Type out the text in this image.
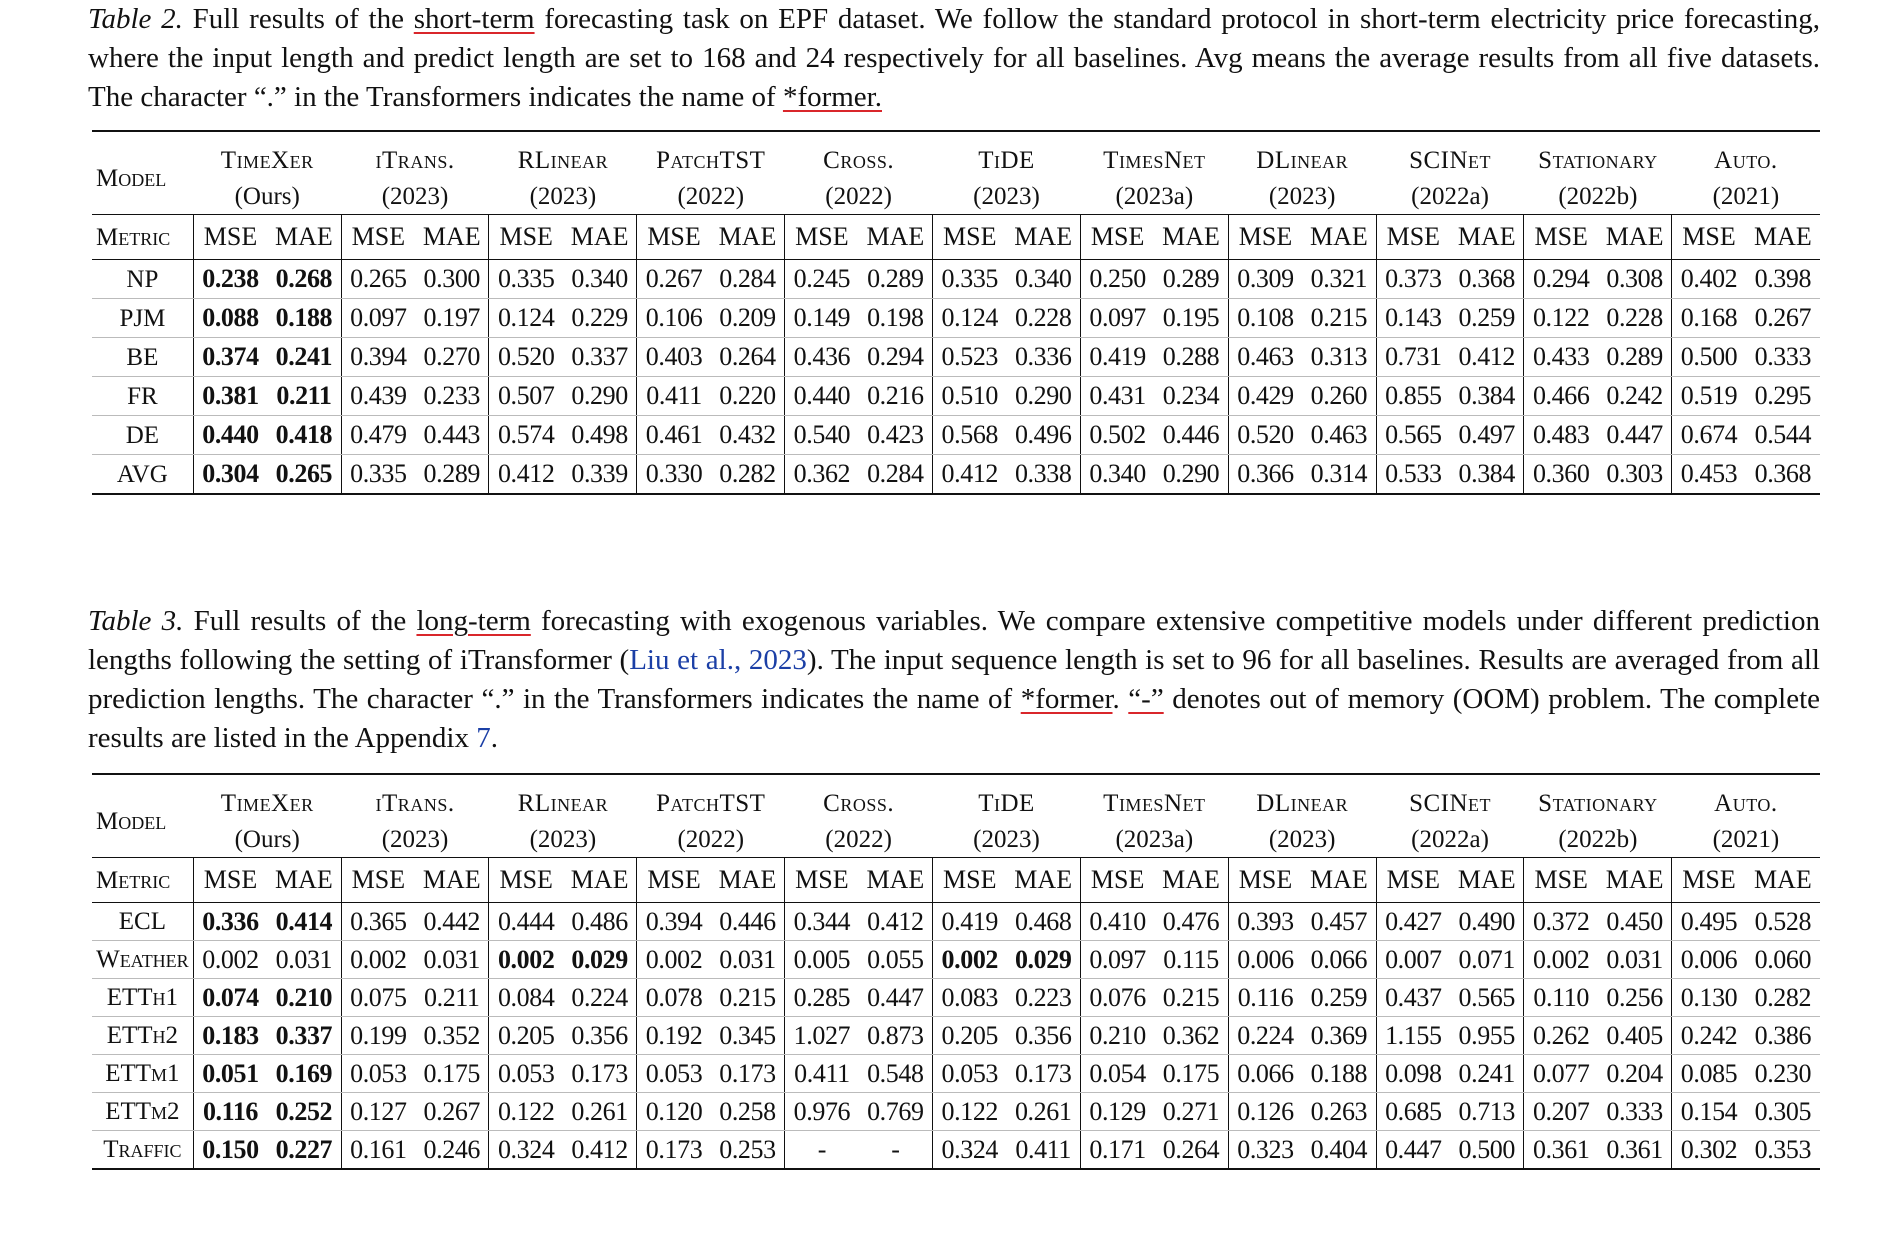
Table 2. Full results of the short-term forecasting task on EPF dataset. We follow the standard protocol in short-term electricity price forecasting, where the input length and predict length are set to 168 and 24 respectively for all baselines. Avg means the average results from all five datasets. The character “.” in the Transformers indicates the name of *former.
Model	TimeXer		iTrans.		RLinear		PatchTST		Cross.		TiDE		TimesNet		DLinear		SCINet		Stationary		Auto.	
	(Ours)		(2023)		(2023)		(2022)		(2022)		(2023)		(2023a)		(2023)		(2022a)		(2022b)		(2021)	
Metric	MSE	MAE	MSE	MAE	MSE	MAE	MSE	MAE	MSE	MAE	MSE	MAE	MSE	MAE	MSE	MAE	MSE	MAE	MSE	MAE	MSE	MAE
NP	0.238	0.268	0.265	0.300	0.335	0.340	0.267	0.284	0.245	0.289	0.335	0.340	0.250	0.289	0.309	0.321	0.373	0.368	0.294	0.308	0.402	0.398
PJM	0.088	0.188	0.097	0.197	0.124	0.229	0.106	0.209	0.149	0.198	0.124	0.228	0.097	0.195	0.108	0.215	0.143	0.259	0.122	0.228	0.168	0.267
BE	0.374	0.241	0.394	0.270	0.520	0.337	0.403	0.264	0.436	0.294	0.523	0.336	0.419	0.288	0.463	0.313	0.731	0.412	0.433	0.289	0.500	0.333
FR	0.381	0.211	0.439	0.233	0.507	0.290	0.411	0.220	0.440	0.216	0.510	0.290	0.431	0.234	0.429	0.260	0.855	0.384	0.466	0.242	0.519	0.295
DE	0.440	0.418	0.479	0.443	0.574	0.498	0.461	0.432	0.540	0.423	0.568	0.496	0.502	0.446	0.520	0.463	0.565	0.497	0.483	0.447	0.674	0.544
AVG	0.304	0.265	0.335	0.289	0.412	0.339	0.330	0.282	0.362	0.284	0.412	0.338	0.340	0.290	0.366	0.314	0.533	0.384	0.360	0.303	0.453	0.368
Table 3. Full results of the long-term forecasting with exogenous variables. We compare extensive competitive models under different prediction lengths following the setting of iTransformer (Liu et al., 2023). The input sequence length is set to 96 for all baselines. Results are averaged from all prediction lengths. The character “.” in the Transformers indicates the name of *former. “-” denotes out of memory (OOM) problem. The complete results are listed in the Appendix 7.
Model	TimeXer		iTrans.		RLinear		PatchTST		Cross.		TiDE		TimesNet		DLinear		SCINet		Stationary		Auto.	
	(Ours)		(2023)		(2023)		(2022)		(2022)		(2023)		(2023a)		(2023)		(2022a)		(2022b)		(2021)	
Metric	MSE	MAE	MSE	MAE	MSE	MAE	MSE	MAE	MSE	MAE	MSE	MAE	MSE	MAE	MSE	MAE	MSE	MAE	MSE	MAE	MSE	MAE
ECL	0.336	0.414	0.365	0.442	0.444	0.486	0.394	0.446	0.344	0.412	0.419	0.468	0.410	0.476	0.393	0.457	0.427	0.490	0.372	0.450	0.495	0.528
Weather	0.002	0.031	0.002	0.031	0.002	0.029	0.002	0.031	0.005	0.055	0.002	0.029	0.097	0.115	0.006	0.066	0.007	0.071	0.002	0.031	0.006	0.060
ETTh1	0.074	0.210	0.075	0.211	0.084	0.224	0.078	0.215	0.285	0.447	0.083	0.223	0.076	0.215	0.116	0.259	0.437	0.565	0.110	0.256	0.130	0.282
ETTh2	0.183	0.337	0.199	0.352	0.205	0.356	0.192	0.345	1.027	0.873	0.205	0.356	0.210	0.362	0.224	0.369	1.155	0.955	0.262	0.405	0.242	0.386
ETTm1	0.051	0.169	0.053	0.175	0.053	0.173	0.053	0.173	0.411	0.548	0.053	0.173	0.054	0.175	0.066	0.188	0.098	0.241	0.077	0.204	0.085	0.230
ETTm2	0.116	0.252	0.127	0.267	0.122	0.261	0.120	0.258	0.976	0.769	0.122	0.261	0.129	0.271	0.126	0.263	0.685	0.713	0.207	0.333	0.154	0.305
Traffic	0.150	0.227	0.161	0.246	0.324	0.412	0.173	0.253	-	-	0.324	0.411	0.171	0.264	0.323	0.404	0.447	0.500	0.361	0.361	0.302	0.353
